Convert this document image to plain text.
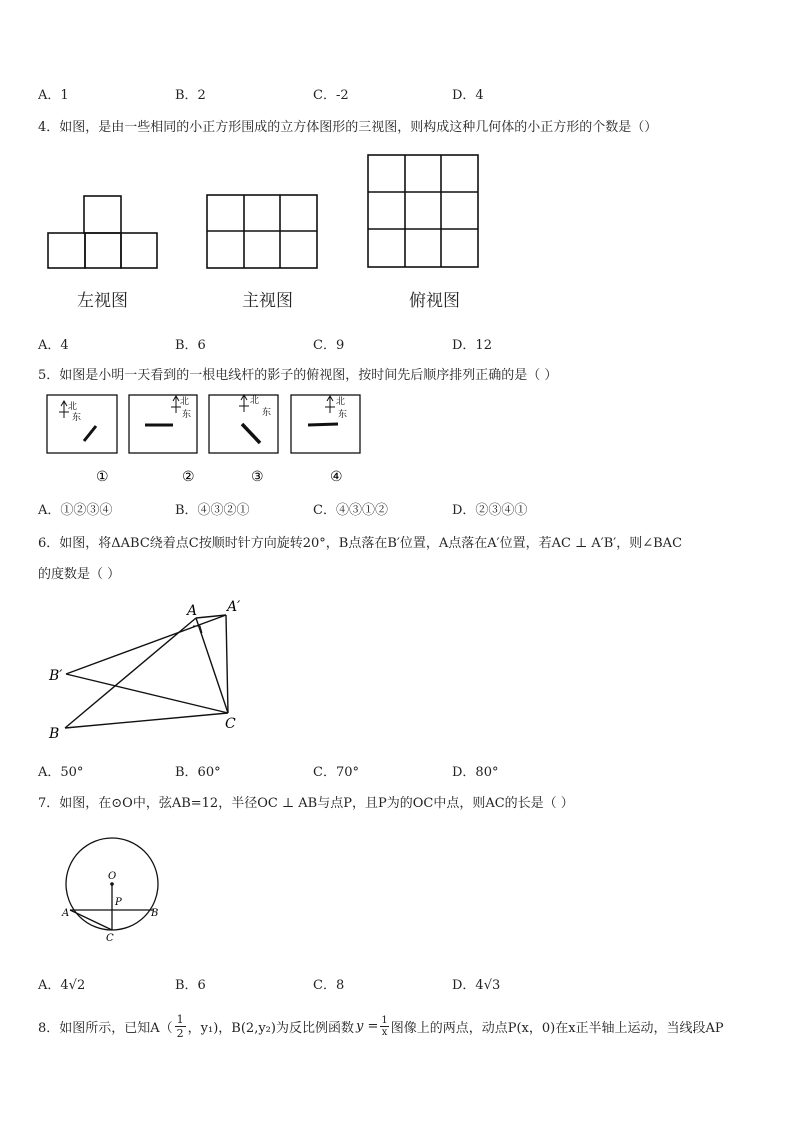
A．1	B．2	C．-2	D．4
4．如图，是由一些相同的小正方形围成的立方体图形的三视图，则构成这种几何体的小正方形的个数是（）
左视图	主视图	俯视图
A．4	B．6	C．9	D．12
5．如图是小明一天看到的一根电线杆的影子的俯视图，按时间先后顺序排列正确的是（ ）
北
东
北
东
北
东
北
东
①	②	③	④
A．①②③④	B．④③②①	C．④③①②	D．②③④①
6．如图，将ΔABC绕着点C按顺时针方向旋转20°，B点落在B′位置，A点落在A′位置，若AC ⊥ A′B′，则∠BAC
的度数是（ ）
A A′
B′
B
C
A．50°	B．60°	C．70°	D．80°
7．如图，在⊙O中，弦AB=12，半径OC ⊥ AB与点P，且P为的OC中点，则AC的长是（ ）
O
P
A	B
C
A．4√2	B．6	C．8	D．4√3
8．如图所示，已知$A( \frac{1}{2}$ ，y₁)，B(2,y₂)为反比例函数 $y = \frac{1}{x}$ 图像上的两点，动点P(x，0)在x正半轴上运动，当线段AP
